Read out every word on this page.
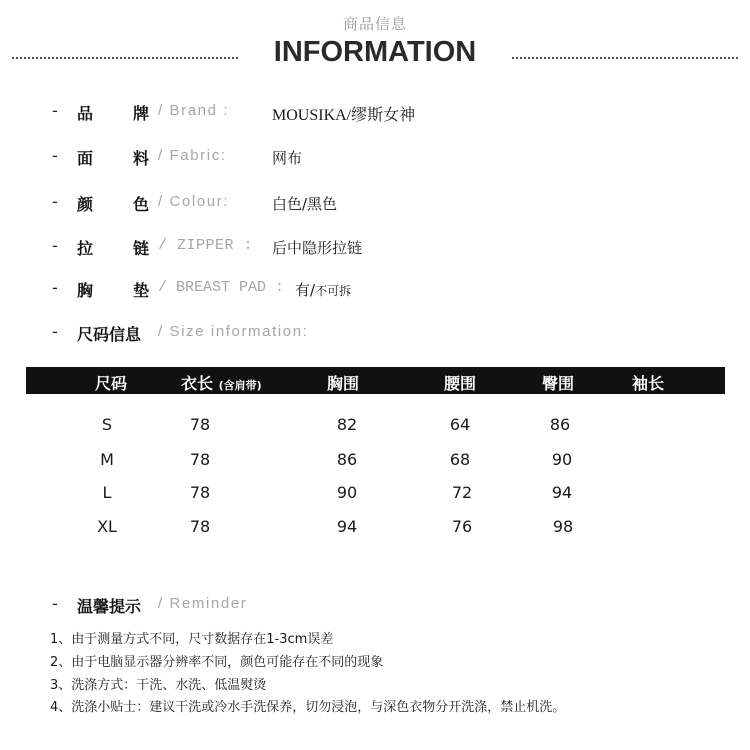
商品信息
INFORMATION
- 品 牌 / Brand :	MOUSIKA/缪斯女神
- 面 料 / Fabric:	网布
- 颜 色 / Colour:	白色/黑色
- 拉 链 / ZIPPER : 后中隐形拉链
- 胸 垫 / BREAST PAD : 有/不可拆
- 尺码信息 / Size information:
尺码	衣长 (含肩带)	胸围	腰围	臀围	袖长
S	78	82	64	86
M	78	86	68	90
L	78	90	72	94
XL	78	94	76	98
- 温馨提示 / Reminder
1、由于测量方式不同，尺寸数据存在1-3cm误差
2、由于电脑显示器分辨率不同，颜色可能存在不同的现象
3、洗涤方式：干洗、水洗、低温熨烫
4、洗涤小贴士：建议干洗或冷水手洗保养，切勿浸泡，与深色衣物分开洗涤，禁止机洗。
